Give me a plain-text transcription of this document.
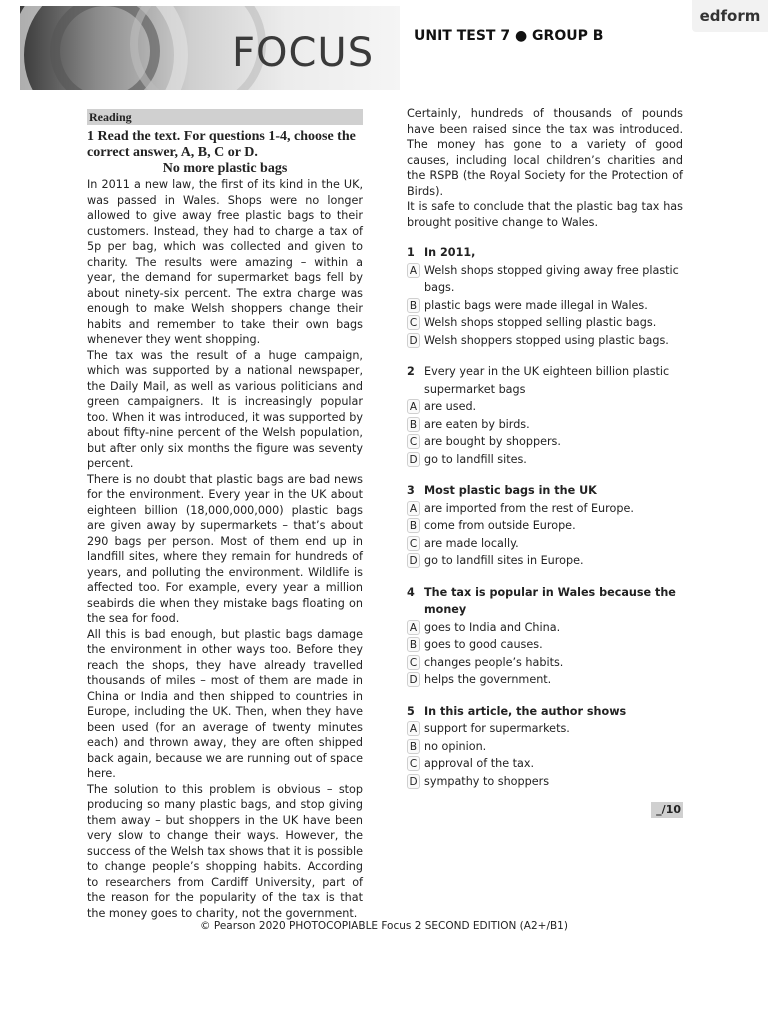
FOCUS	UNIT TEST 7 ● GROUP B
edform
Reading
1 Read the text. For questions 1-4, choose the correct answer, A, B, C or D.
No more plastic bags

In 2011 a new law, the first of its kind in the UK, was passed in Wales. Shops were no longer allowed to give away free plastic bags to their customers. Instead, they had to charge a tax of 5p per bag, which was collected and given to charity. The results were amazing – within a year, the demand for supermarket bags fell by about ninety-six percent. The extra charge was enough to make Welsh shoppers change their habits and remember to take their own bags whenever they went shopping.

The tax was the result of a huge campaign, which was supported by a national newspaper, the Daily Mail, as well as various politicians and green campaigners. It is increasingly popular too. When it was introduced, it was supported by about fifty-nine percent of the Welsh population, but after only six months the figure was seventy percent.

There is no doubt that plastic bags are bad news for the environment. Every year in the UK about eighteen billion (18,000,000,000) plastic bags are given away by supermarkets – that’s about 290 bags per person. Most of them end up in landfill sites, where they remain for hundreds of years, and polluting the environment. Wildlife is affected too. For example, every year a million seabirds die when they mistake bags floating on the sea for food.

All this is bad enough, but plastic bags damage the environment in other ways too. Before they reach the shops, they have already travelled thousands of miles – most of them are made in China or India and then shipped to countries in Europe, including the UK. Then, when they have been used (for an average of twenty minutes each) and thrown away, they are often shipped back again, because we are running out of space here.

The solution to this problem is obvious – stop producing so many plastic bags, and stop giving them away – but shoppers in the UK have been very slow to change their ways. However, the success of the Welsh tax shows that it is possible to change people’s shopping habits. According to researchers from Cardiff University, part of the reason for the popularity of the tax is that the money goes to charity, not the government.

Certainly, hundreds of thousands of pounds have been raised since the tax was introduced. The money has gone to a variety of good causes, including local children’s charities and the RSPB (the Royal Society for the Protection of Birds).

It is safe to conclude that the plastic bag tax has brought positive change to Wales.

1 In 2011,
A Welsh shops stopped giving away free plastic bags.
B plastic bags were made illegal in Wales.
C Welsh shops stopped selling plastic bags.
D Welsh shoppers stopped using plastic bags.
2 Every year in the UK eighteen billion plastic supermarket bags
A are used.
B are eaten by birds.
C are bought by shoppers.
D go to landfill sites.
3 Most plastic bags in the UK
A are imported from the rest of Europe.
B come from outside Europe.
C are made locally.
D go to landfill sites in Europe.
4 The tax is popular in Wales because the money
A goes to India and China.
B goes to good causes.
C changes people’s habits.
D helps the government.
5 In this article, the author shows
A support for supermarkets.
B no opinion.
C approval of the tax.
D sympathy to shoppers
_/10
© Pearson 2020 PHOTOCOPIABLE Focus 2 SECOND EDITION (A2+/B1)
